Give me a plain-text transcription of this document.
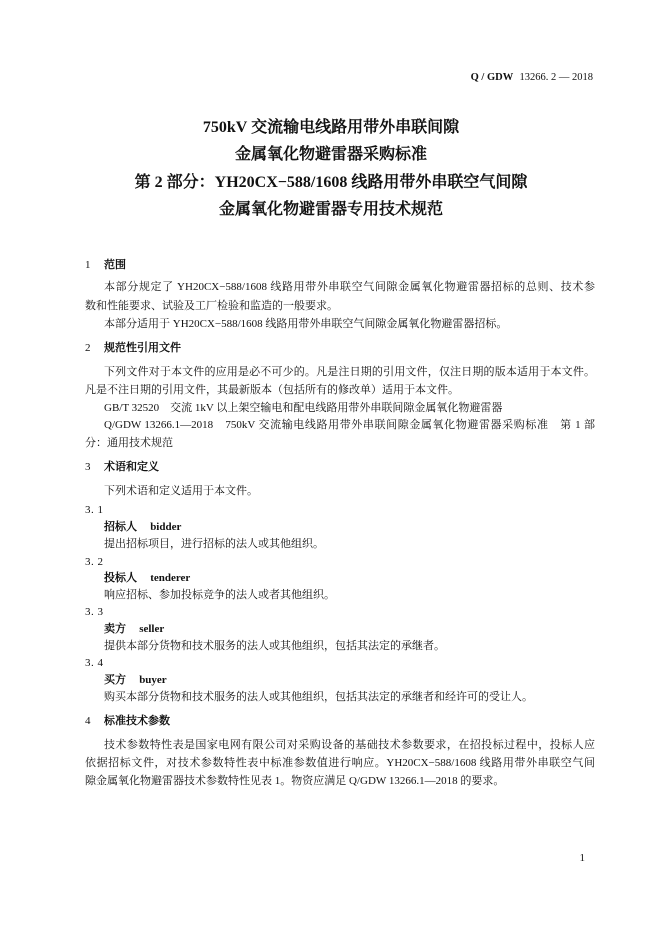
Q / GDW 13266. 2 — 2018
750kV 交流输电线路用带外串联间隙
金属氧化物避雷器采购标准
第 2 部分：YH20CX−588/1608 线路用带外串联空气间隙
金属氧化物避雷器专用技术规范
1 范围
本部分规定了 YH20CX−588/1608 线路用带外串联空气间隙金属氧化物避雷器招标的总则、技术参
数和性能要求、试验及工厂检验和监造的一般要求。
本部分适用于 YH20CX−588/1608 线路用带外串联空气间隙金属氧化物避雷器招标。
2 规范性引用文件
下列文件对于本文件的应用是必不可少的。凡是注日期的引用文件，仅注日期的版本适用于本文件。
凡是不注日期的引用文件，其最新版本（包括所有的修改单）适用于本文件。
GB/T 32520　交流 1kV 以上架空输电和配电线路用带外串联间隙金属氧化物避雷器
Q/GDW 13266.1—2018　750kV 交流输电线路用带外串联间隙金属氧化物避雷器采购标准　第 1 部
分：通用技术规范
3 术语和定义
下列术语和定义适用于本文件。
3. 1
招标人 bidder
提出招标项目，进行招标的法人或其他组织。
3. 2
投标人 tenderer
响应招标、参加投标竞争的法人或者其他组织。
3. 3
卖方 seller
提供本部分货物和技术服务的法人或其他组织，包括其法定的承继者。
3. 4
买方 buyer
购买本部分货物和技术服务的法人或其他组织，包括其法定的承继者和经许可的受让人。
4 标准技术参数
技术参数特性表是国家电网有限公司对采购设备的基础技术参数要求，在招投标过程中，投标人应
依据招标文件，对技术参数特性表中标准参数值进行响应。YH20CX−588/1608 线路用带外串联空气间
隙金属氧化物避雷器技术参数特性见表 1。物资应满足 Q/GDW 13266.1—2018 的要求。
1
